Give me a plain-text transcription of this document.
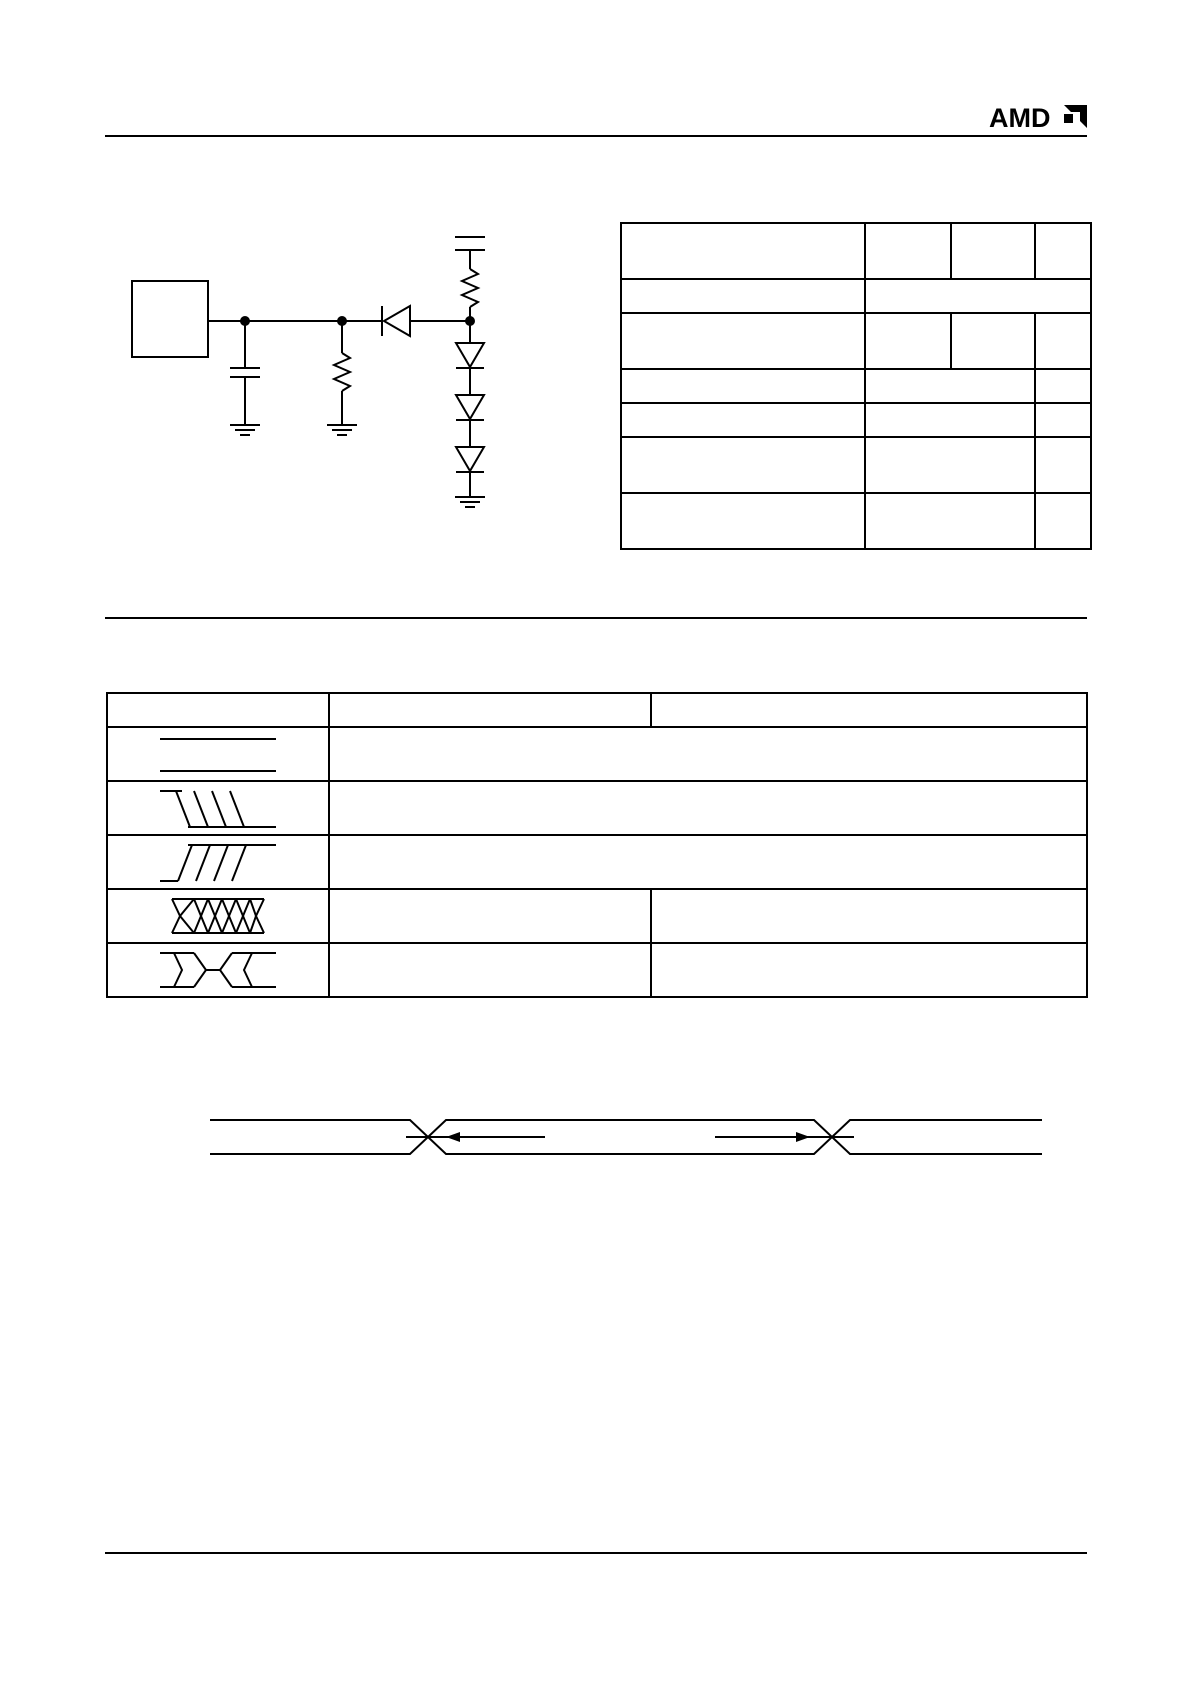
AMD
